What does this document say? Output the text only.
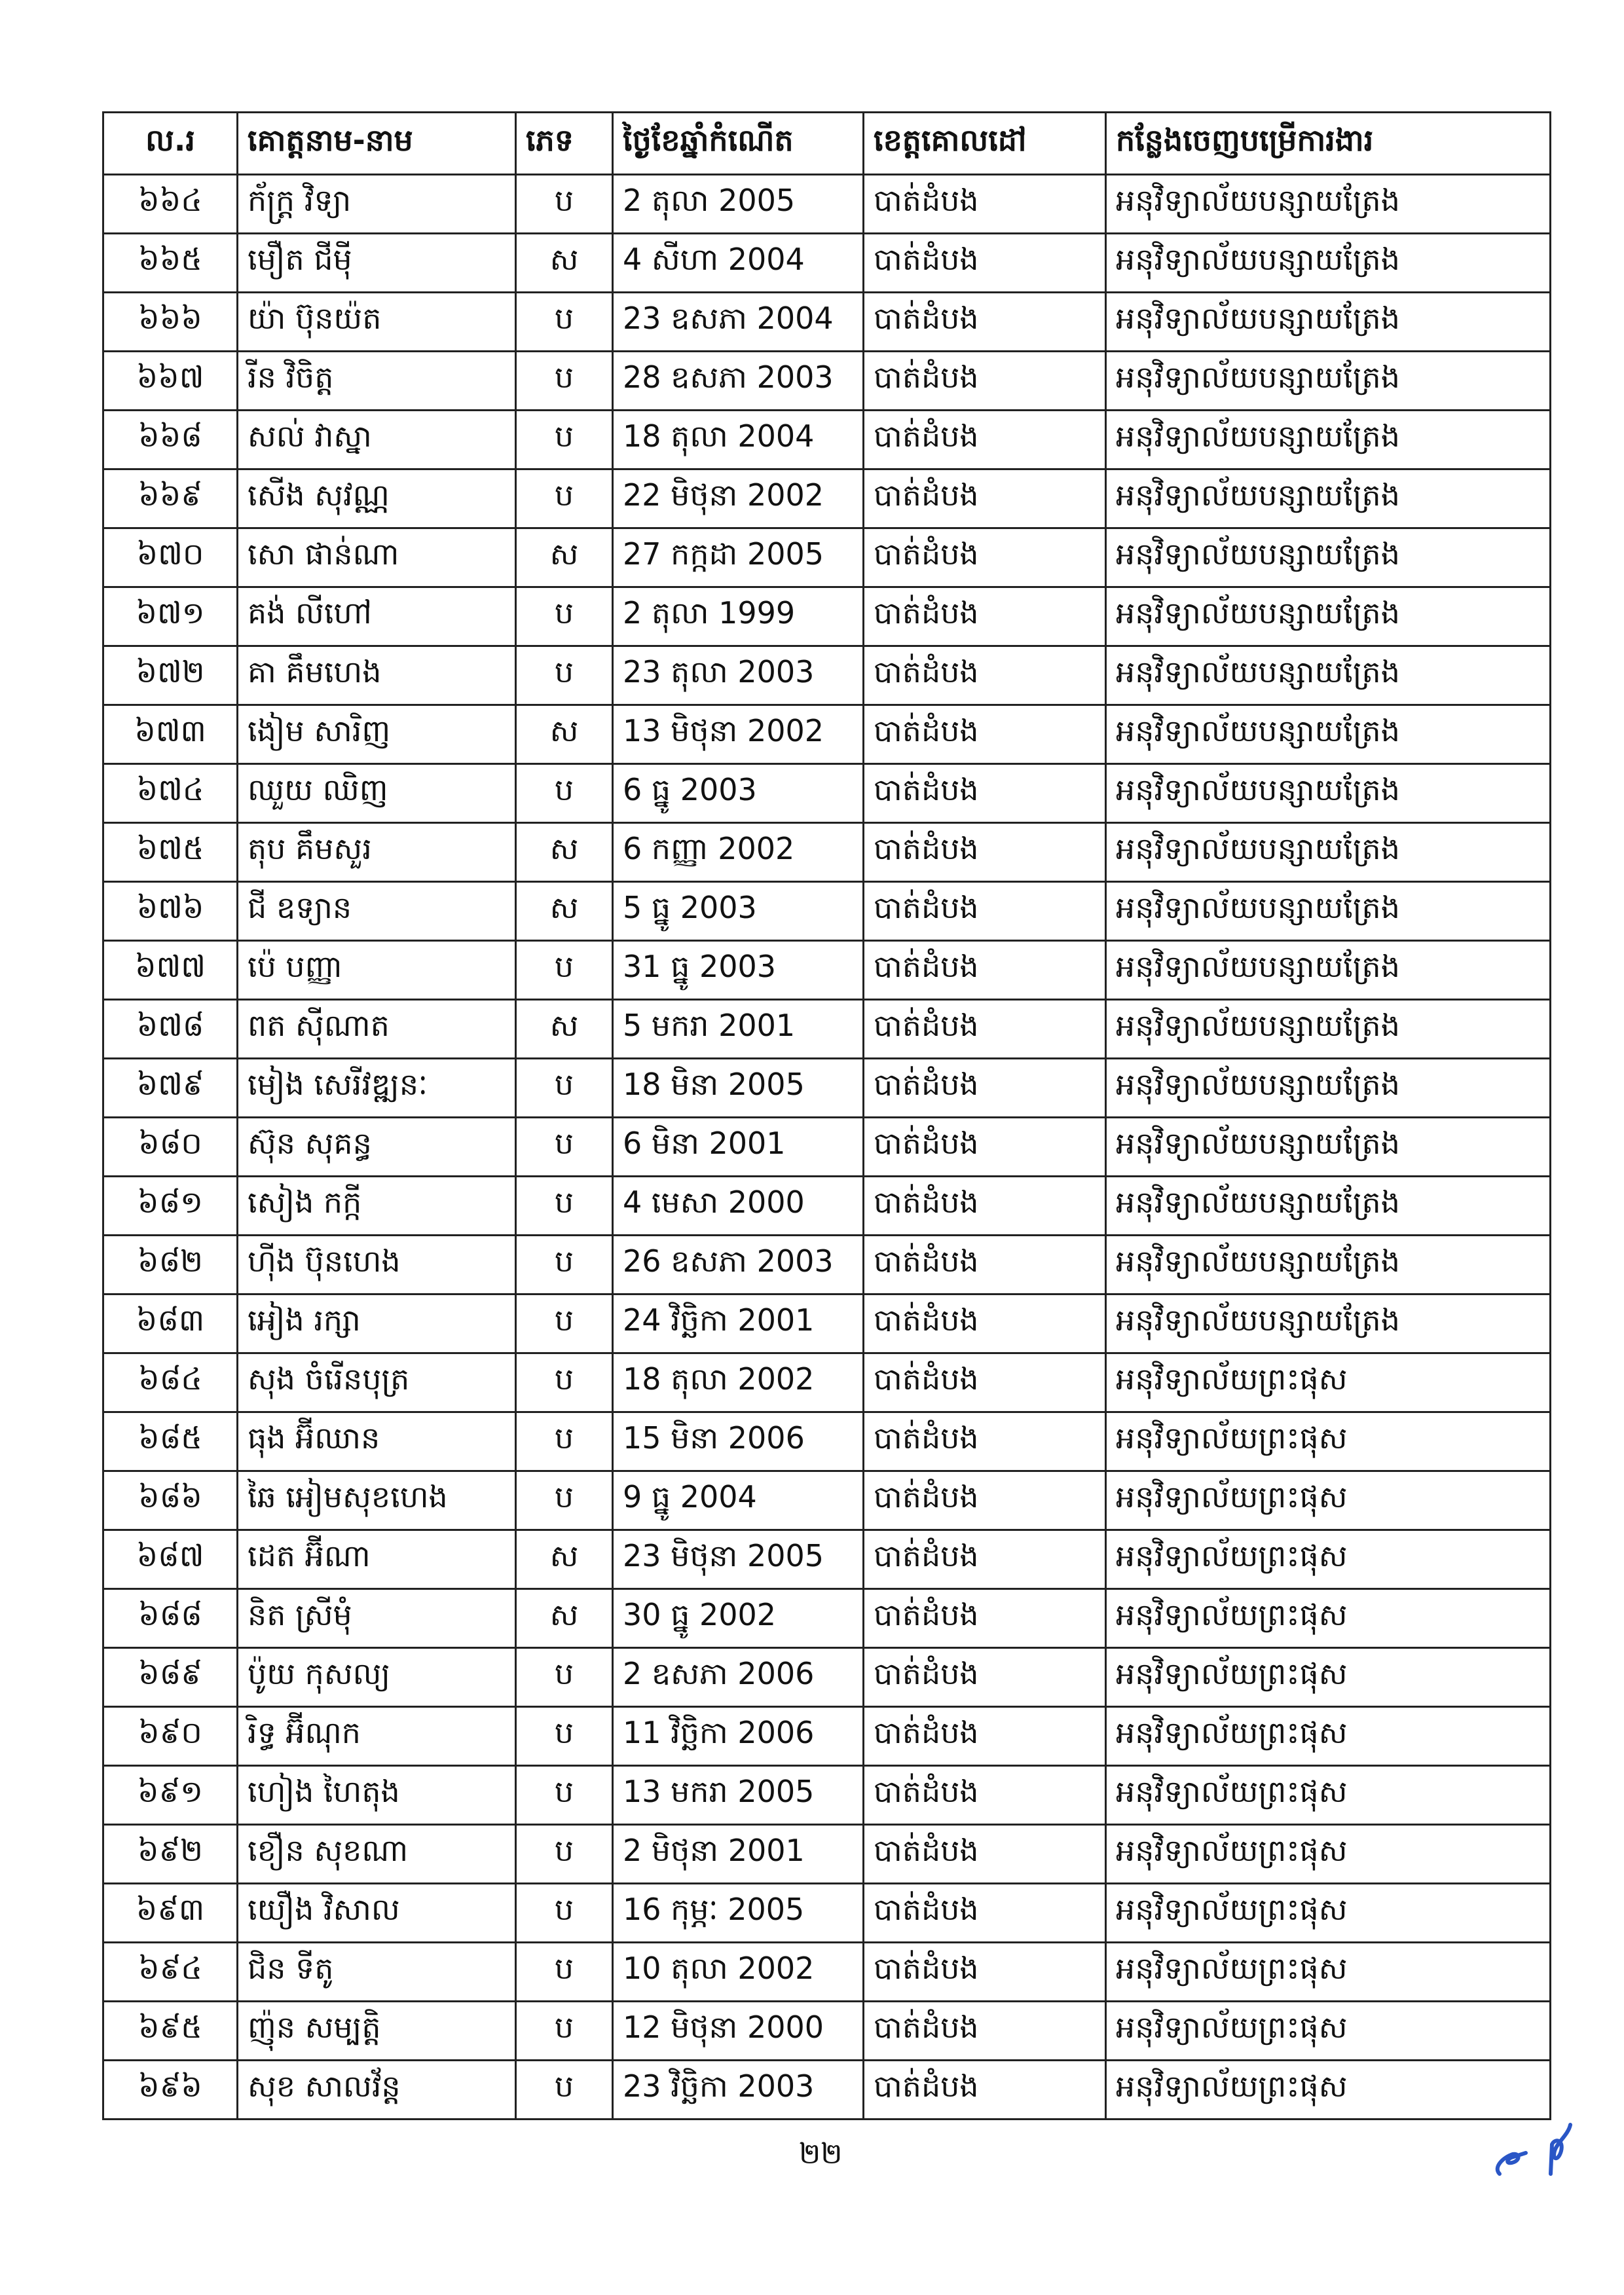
ល.រ	គោត្តនាម-នាម	ភេទ	ថ្ងៃខែឆ្នាំកំណើត	ខេត្តគោលដៅ	កន្លែងចេញបម្រើការងារ
៦៦៤	ក័ក្រ្ត វិទ្យា	ប	2 តុលា 2005	បាត់ដំបង	អនុវិទ្យាល័យបន្សាយត្រែង
៦៦៥	មឿត ជីមុី	ស	4 សីហា 2004	បាត់ដំបង	អនុវិទ្យាល័យបន្សាយត្រែង
៦៦៦	យ៉ា ប៊ុនយ៉ត	ប	23 ឧសភា 2004	បាត់ដំបង	អនុវិទ្យាល័យបន្សាយត្រែង
៦៦៧	រីន វិចិត្ត	ប	28 ឧសភា 2003	បាត់ដំបង	អនុវិទ្យាល័យបន្សាយត្រែង
៦៦៨	សល់ វាស្នា	ប	18 តុលា 2004	បាត់ដំបង	អនុវិទ្យាល័យបន្សាយត្រែង
៦៦៩	សើង សុវណ្ណ	ប	22 មិថុនា 2002	បាត់ដំបង	អនុវិទ្យាល័យបន្សាយត្រែង
៦៧០	សោ ផាន់ណា	ស	27 កក្កដា 2005	បាត់ដំបង	អនុវិទ្យាល័យបន្សាយត្រែង
៦៧១	គង់ លីហៅ	ប	2 តុលា 1999	បាត់ដំបង	អនុវិទ្យាល័យបន្សាយត្រែង
៦៧២	គា គឹមហេង	ប	23 តុលា 2003	បាត់ដំបង	អនុវិទ្យាល័យបន្សាយត្រែង
៦៧៣	ងៀម សារិញ	ស	13 មិថុនា 2002	បាត់ដំបង	អនុវិទ្យាល័យបន្សាយត្រែង
៦៧៤	ឈួយ ឈិញ	ប	6 ធ្នូ 2003	បាត់ដំបង	អនុវិទ្យាល័យបន្សាយត្រែង
៦៧៥	តុប គឹមសួរ	ស	6 កញ្ញា 2002	បាត់ដំបង	អនុវិទ្យាល័យបន្សាយត្រែង
៦៧៦	ជី ឧទ្យាន	ស	5 ធ្នូ 2003	បាត់ដំបង	អនុវិទ្យាល័យបន្សាយត្រែង
៦៧៧	ប៉េ បញ្ញា	ប	31 ធ្នូ 2003	បាត់ដំបង	អនុវិទ្យាល័យបន្សាយត្រែង
៦៧៨	ពត ស៊ីណាត	ស	5 មករា 2001	បាត់ដំបង	អនុវិទ្យាល័យបន្សាយត្រែង
៦៧៩	មៀង សេរីវឌ្ឍនៈ	ប	18 មិនា 2005	បាត់ដំបង	អនុវិទ្យាល័យបន្សាយត្រែង
៦៨០	ស៊ុន សុគន្ធ	ប	6 មិនា 2001	បាត់ដំបង	អនុវិទ្យាល័យបន្សាយត្រែង
៦៨១	សៀង កក្កី	ប	4 មេសា 2000	បាត់ដំបង	អនុវិទ្យាល័យបន្សាយត្រែង
៦៨២	ហ៊ីង ប៊ុនហេង	ប	26 ឧសភា 2003	បាត់ដំបង	អនុវិទ្យាល័យបន្សាយត្រែង
៦៨៣	អៀង រក្សា	ប	24 វិច្ឆិកា 2001	បាត់ដំបង	អនុវិទ្យាល័យបន្សាយត្រែង
៦៨៤	សុង ចំរើនបុត្រ	ប	18 តុលា 2002	បាត់ដំបង	អនុវិទ្យាល័យព្រះផុស
៦៨៥	ធុង អ៊ីឈាន	ប	15 មិនា 2006	បាត់ដំបង	អនុវិទ្យាល័យព្រះផុស
៦៨៦	ឆៃ អៀមសុខហេង	ប	9 ធ្នូ 2004	បាត់ដំបង	អនុវិទ្យាល័យព្រះផុស
៦៨៧	ដេត អ៊ីណា	ស	23 មិថុនា 2005	បាត់ដំបង	អនុវិទ្យាល័យព្រះផុស
៦៨៨	និត ស្រីមុំ	ស	30 ធ្នូ 2002	បាត់ដំបង	អនុវិទ្យាល័យព្រះផុស
៦៨៩	ប៉ូយ កុសល្យ	ប	2 ឧសភា 2006	បាត់ដំបង	អនុវិទ្យាល័យព្រះផុស
៦៩០	រិទ្ធ អ៊ីណុក	ប	11 វិច្ឆិកា 2006	បាត់ដំបង	អនុវិទ្យាល័យព្រះផុស
៦៩១	ហៀង ហៃតុង	ប	13 មករា 2005	បាត់ដំបង	អនុវិទ្យាល័យព្រះផុស
៦៩២	ខឿន សុខណា	ប	2 មិថុនា 2001	បាត់ដំបង	អនុវិទ្យាល័យព្រះផុស
៦៩៣	យឿង វិសាល	ប	16 កុម្ភៈ 2005	បាត់ដំបង	អនុវិទ្យាល័យព្រះផុស
៦៩៤	ជិន ទីតូ	ប	10 តុលា 2002	បាត់ដំបង	អនុវិទ្យាល័យព្រះផុស
៦៩៥	ញ៉ុន សម្បត្តិ	ប	12 មិថុនា 2000	បាត់ដំបង	អនុវិទ្យាល័យព្រះផុស
៦៩៦	សុខ សាលវ័ន្ត	ប	23 វិច្ឆិកា 2003	បាត់ដំបង	អនុវិទ្យាល័យព្រះផុស
២២
